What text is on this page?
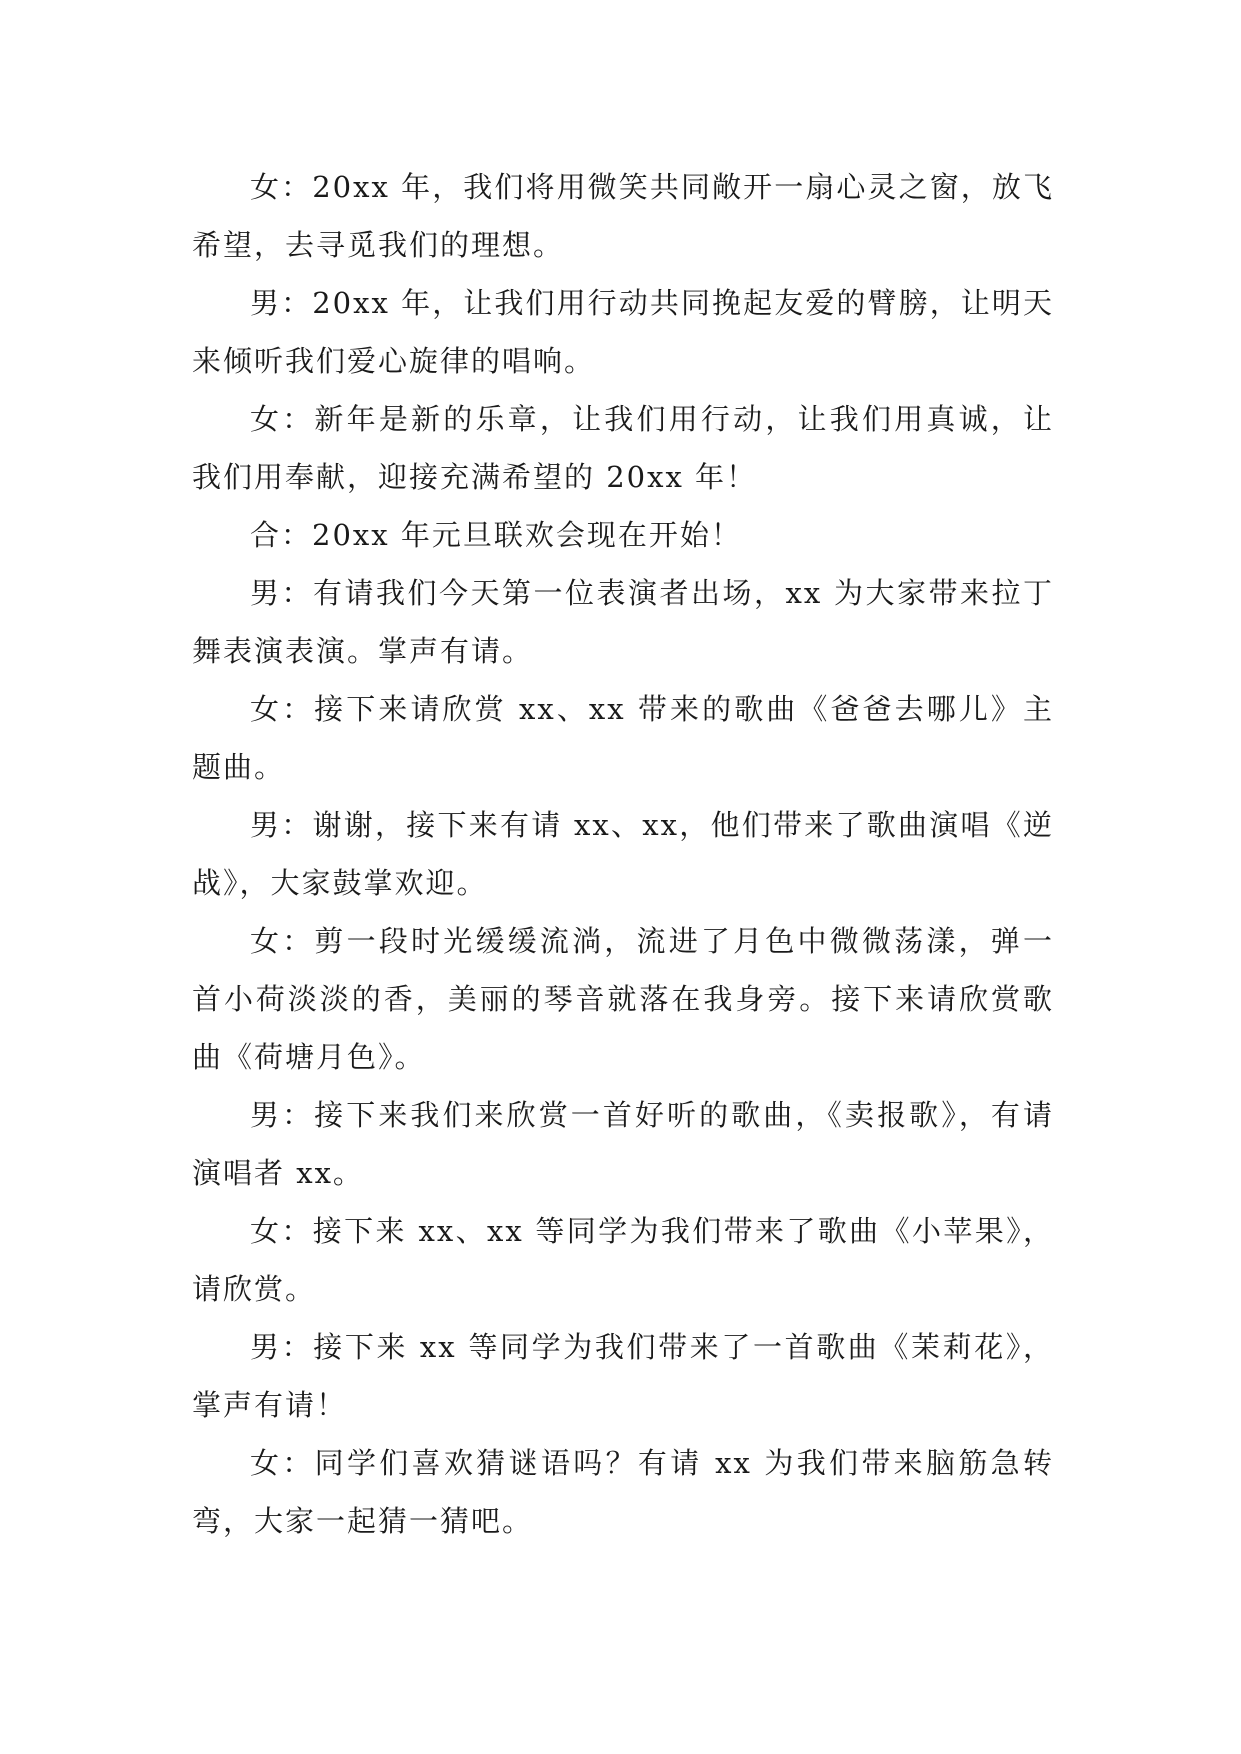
女：20xx 年，我们将用微笑共同敞开一扇心灵之窗，放飞希望，去寻觅我们的理想。

男：20xx 年，让我们用行动共同挽起友爱的臂膀，让明天来倾听我们爱心旋律的唱响。

女：新年是新的乐章，让我们用行动，让我们用真诚，让我们用奉献，迎接充满希望的 20xx 年！

合：20xx 年元旦联欢会现在开始！

男：有请我们今天第一位表演者出场，xx 为大家带来拉丁舞表演表演。掌声有请。

女：接下来请欣赏 xx、xx 带来的歌曲《爸爸去哪儿》主题曲。

男：谢谢，接下来有请 xx、xx，他们带来了歌曲演唱《逆战》，大家鼓掌欢迎。

女：剪一段时光缓缓流淌，流进了月色中微微荡漾，弹一首小荷淡淡的香，美丽的琴音就落在我身旁。接下来请欣赏歌曲《荷塘月色》。

男：接下来我们来欣赏一首好听的歌曲，《卖报歌》，有请演唱者 xx。

女：接下来 xx、xx 等同学为我们带来了歌曲《小苹果》，请欣赏。

男：接下来 xx 等同学为我们带来了一首歌曲《茉莉花》，掌声有请！

女：同学们喜欢猜谜语吗？有请 xx 为我们带来脑筋急转弯，大家一起猜一猜吧。
